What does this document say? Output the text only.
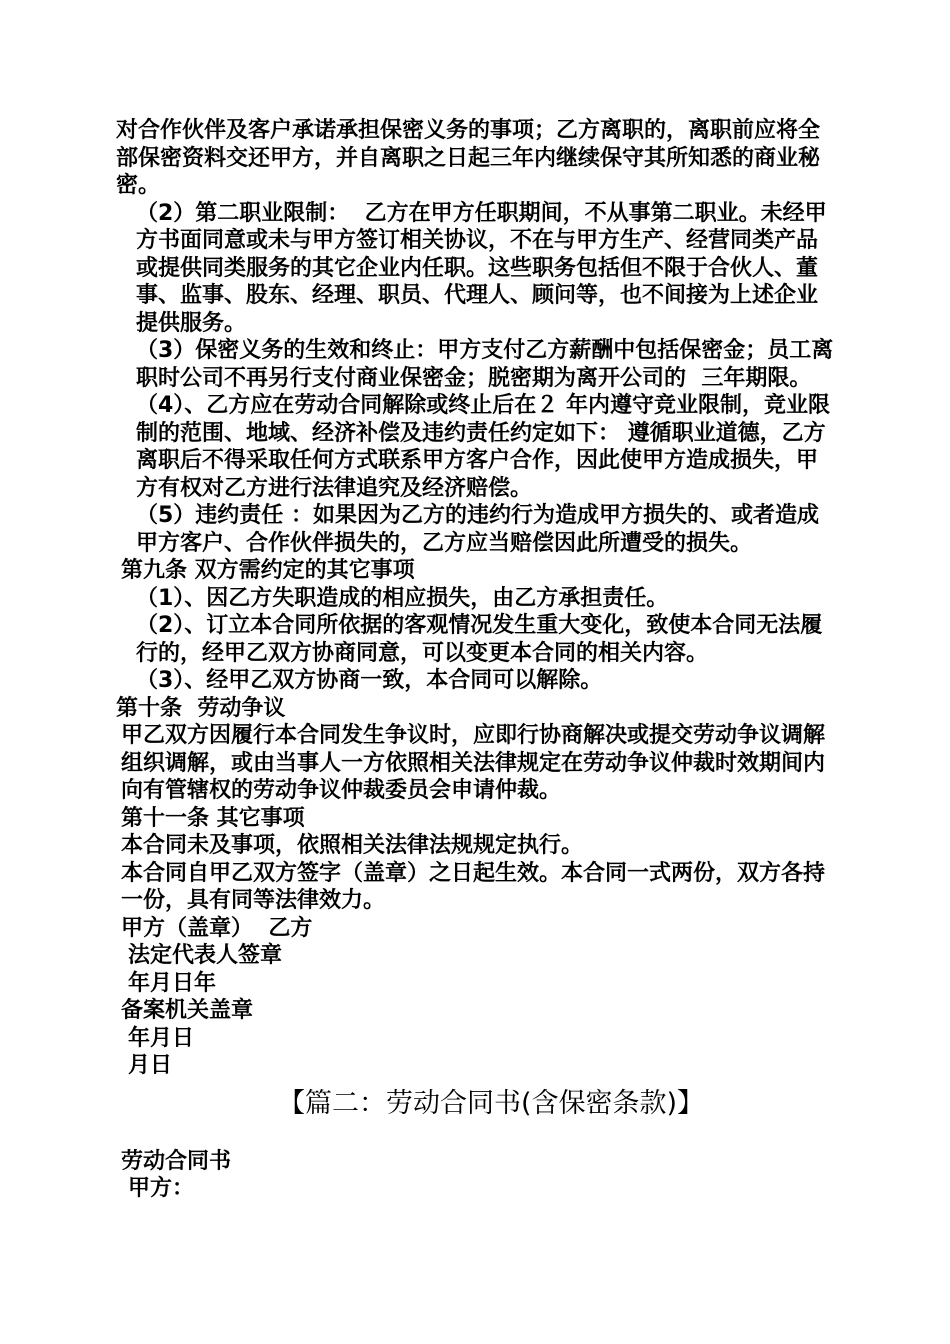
对合作伙伴及客户承诺承担保密义务的事项；乙方离职的，离职前应将全部保密资料交还甲方，并自离职之日起三年内继续保守其所知悉的商业秘密。

（2）第二职业限制：  乙方在甲方任职期间，不从事第二职业。未经甲方书面同意或未与甲方签订相关协议，不在与甲方生产、经营同类产品或提供同类服务的其它企业内任职。这些职务包括但不限于合伙人、董事、监事、股东、经理、职员、代理人、顾问等，也不间接为上述企业提供服务。

（3）保密义务的生效和终止：甲方支付乙方薪酬中包括保密金；员工离职时公司不再另行支付商业保密金；脱密期为离开公司的  三年期限。

（4）、乙方应在劳动合同解除或终止后在２ 年内遵守竞业限制，竞业限制的范围、地域、经济补偿及违约责任约定如下： 遵循职业道德，乙方离职后不得采取任何方式联系甲方客户合作，因此使甲方造成损失，甲方有权对乙方进行法律追究及经济赔偿。

（5）违约责任 ：如果因为乙方的违约行为造成甲方损失的、或者造成甲方客户、合作伙伴损失的，乙方应当赔偿因此所遭受的损失。

第九条 双方需约定的其它事项

（1）、因乙方失职造成的相应损失，由乙方承担责任。

（2）、订立本合同所依据的客观情况发生重大变化，致使本合同无法履行的，经甲乙双方协商同意，可以变更本合同的相关内容。

（3）、经甲乙双方协商一致，本合同可以解除。

第十条  劳动争议

甲乙双方因履行本合同发生争议时，应即行协商解决或提交劳动争议调解组织调解，或由当事人一方依照相关法律规定在劳动争议仲裁时效期间内向有管辖权的劳动争议仲裁委员会申请仲裁。

第十一条 其它事项

本合同未及事项，依照相关法律法规规定执行。

本合同自甲乙双方签字（盖章）之日起生效。本合同一式两份，双方各持一份，具有同等法律效力。

甲方（盖章）  乙方

法定代表人签章

年月日年

备案机关盖章

年月日

月日

【篇二：劳动合同书(含保密条款)】

劳动合同书

甲方：
